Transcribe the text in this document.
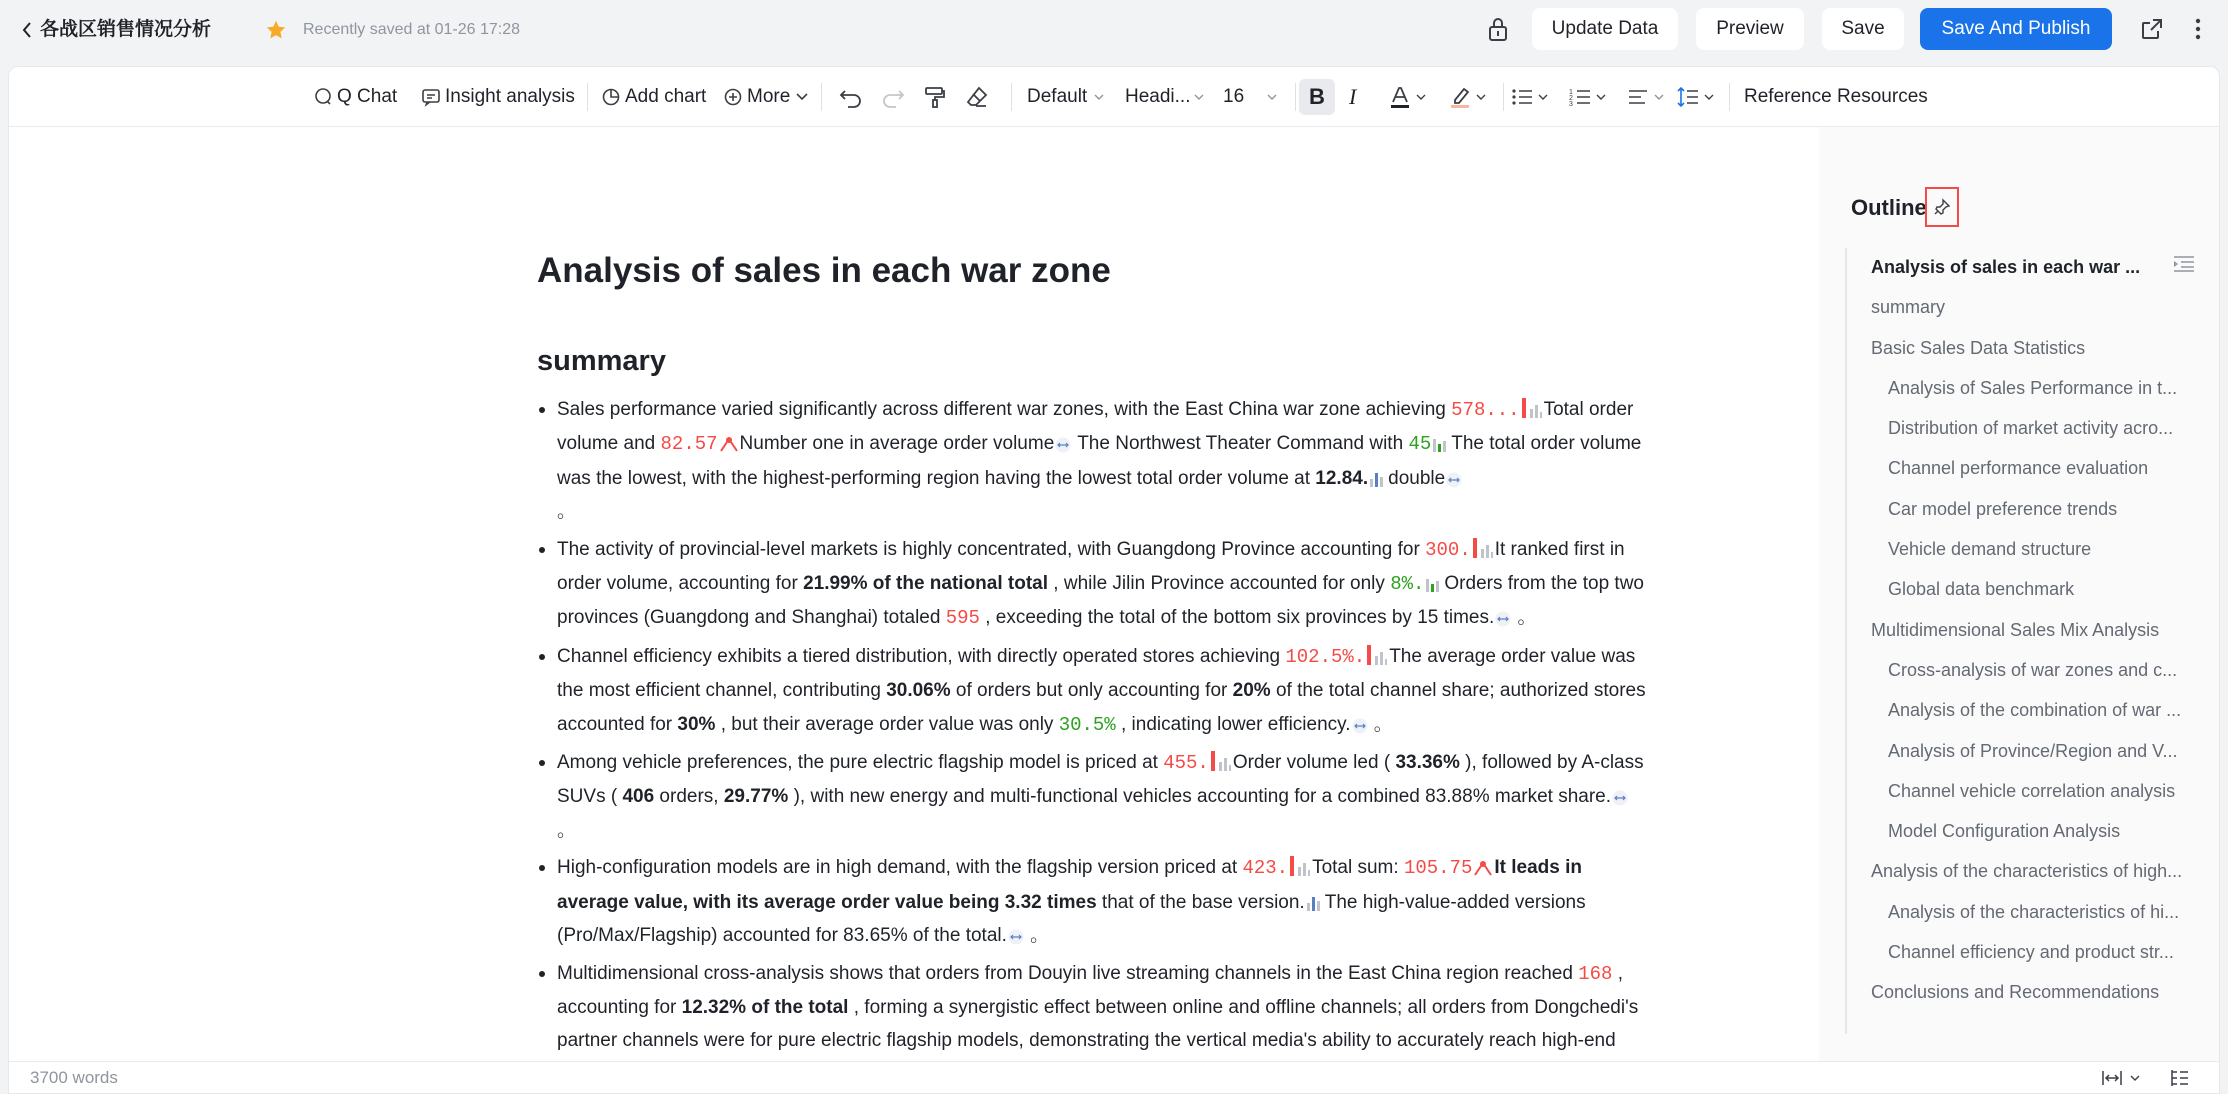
各战区销售情况分析	Recently saved at 01-26 17:28	Update Data	Preview	Save	Save And Publish
Q Chat	Insight analysis	Add chart More	Default Headi... 16	B I	1
2
3	Reference Resources
Analysis of sales in each war zone
summary
Sales performance varied significantly across different war zones, with the East China war zone achieving 578... Total order volume and 82.57 Number one in average order volume The Northwest Theater Command with 45 The total order volume was the lowest, with the highest-performing region having the lowest total order volume at 12.84. double
。
The activity of provincial-level markets is highly concentrated, with Guangdong Province accounting for 300. It ranked first in order volume, accounting for 21.99% of the national total , while Jilin Province accounted for only 8%. Orders from the top two provinces (Guangdong and Shanghai) totaled 595 , exceeding the total of the bottom six provinces by 15 times. 。
Channel efficiency exhibits a tiered distribution, with directly operated stores achieving 102.5%. The average order value was the most efficient channel, contributing 30.06% of orders but only accounting for 20% of the total channel share; authorized stores accounted for 30% , but their average order value was only 30.5% , indicating lower efficiency. 。
Among vehicle preferences, the pure electric flagship model is priced at 455. Order volume led ( 33.36% ), followed by A-class SUVs ( 406 orders, 29.77% ), with new energy and multi-functional vehicles accounting for a combined 83.88% market share. 。
High-configuration models are in high demand, with the flagship version priced at 423. Total sum: 105.75 It leads in average value, with its average order value being 3.32 times that of the base version. The high-value-added versions (Pro/Max/Flagship) accounted for 83.65% of the total. 。
Multidimensional cross-analysis shows that orders from Douyin live streaming channels in the East China region reached 168 , accounting for 12.32% of the total , forming a synergistic effect between online and offline channels; all orders from Dongchedi's partner channels were for pure electric flagship models, demonstrating the vertical media's ability to accurately reach high-end
Outline
Analysis of sales in each war ...
summary
Basic Sales Data Statistics
Analysis of Sales Performance in t...
Distribution of market activity acro...
Channel performance evaluation
Car model preference trends
Vehicle demand structure
Global data benchmark
Multidimensional Sales Mix Analysis
Cross-analysis of war zones and c...
Analysis of the combination of war ...
Analysis of Province/Region and V...
Channel vehicle correlation analysis
Model Configuration Analysis
Analysis of the characteristics of high...
Analysis of the characteristics of hi...
Channel efficiency and product str...
Conclusions and Recommendations
3700 words
